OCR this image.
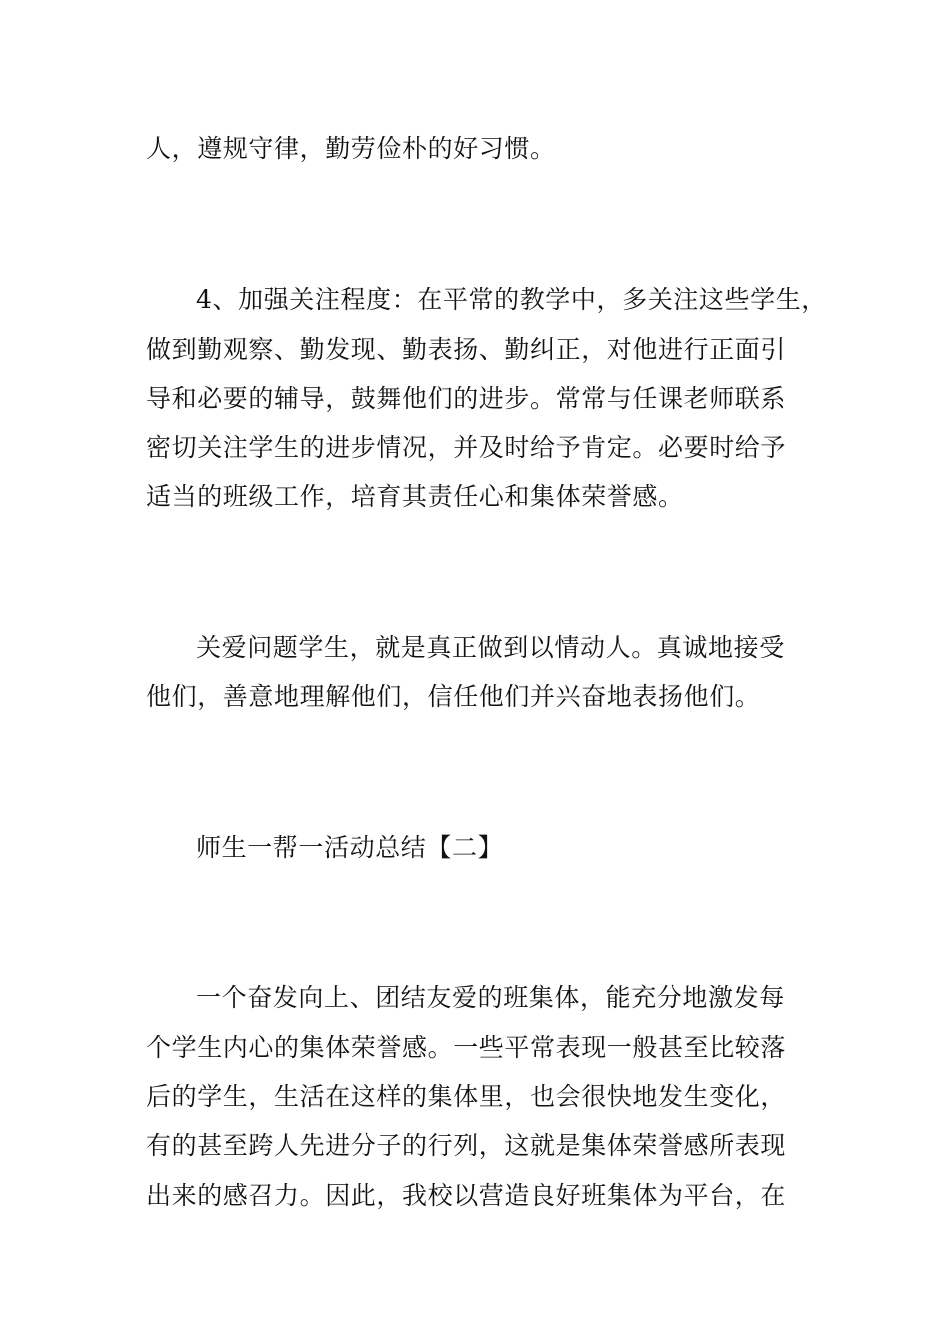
人，遵规守律，勤劳俭朴的好习惯。
4、加强关注程度：在平常的教学中，多关注这些学生，
做到勤观察、勤发现、勤表扬、勤纠正，对他进行正面引
导和必要的辅导，鼓舞他们的进步。常常与任课老师联系
密切关注学生的进步情况，并及时给予肯定。必要时给予
适当的班级工作，培育其责任心和集体荣誉感。
关爱问题学生，就是真正做到以情动人。真诚地接受
他们，善意地理解他们，信任他们并兴奋地表扬他们。
师生一帮一活动总结【二】
一个奋发向上、团结友爱的班集体，能充分地激发每
个学生内心的集体荣誉感。一些平常表现一般甚至比较落
后的学生，生活在这样的集体里，也会很快地发生变化，
有的甚至跨人先进分子的行列，这就是集体荣誉感所表现
出来的感召力。因此，我校以营造良好班集体为平台，在
